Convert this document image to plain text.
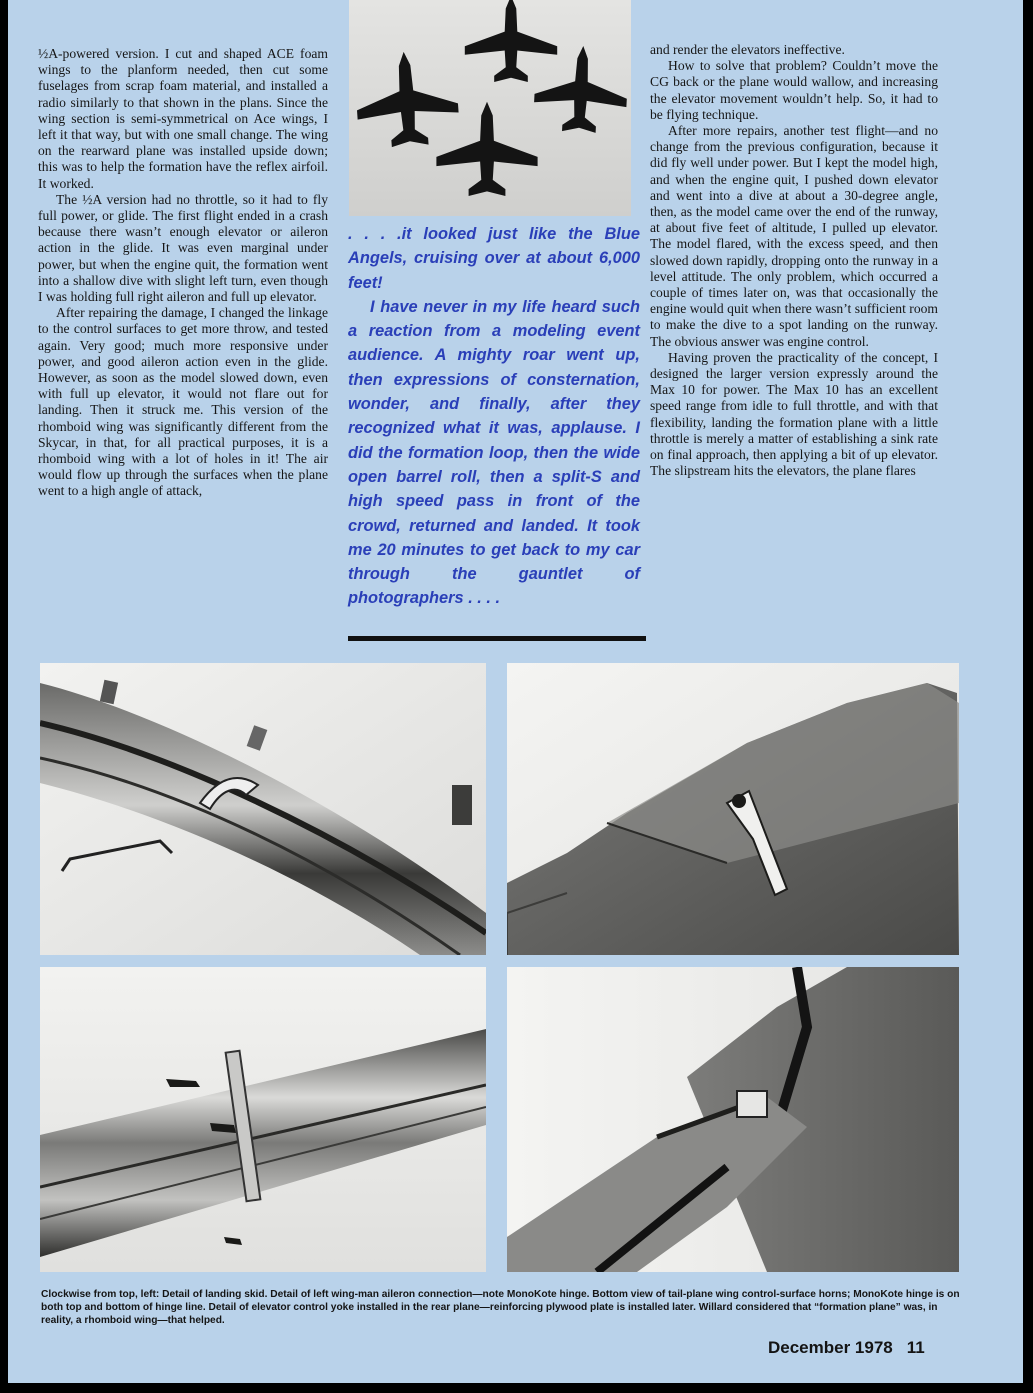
½A-powered version. I cut and shaped ACE foam wings to the planform needed, then cut some fuselages from scrap foam material, and installed a radio similarly to that shown in the plans. Since the wing section is semi-symmetrical on Ace wings, I left it that way, but with one small change. The wing on the rearward plane was installed upside down; this was to help the formation have the reflex airfoil. It worked.

The ½A version had no throttle, so it had to fly full power, or glide. The first flight ended in a crash because there wasn’t enough elevator or aileron action in the glide. It was even marginal under power, but when the engine quit, the formation went into a shallow dive with slight left turn, even though I was holding full right aileron and full up elevator.

After repairing the damage, I changed the linkage to the control surfaces to get more throw, and tested again. Very good; much more responsive under power, and good aileron action even in the glide. However, as soon as the model slowed down, even with full up elevator, it would not flare out for landing. Then it struck me. This version of the rhomboid wing was significantly different from the Skycar, in that, for all practical purposes, it is a rhomboid wing with a lot of holes in it! The air would flow up through the surfaces when the plane went to a high angle of attack,

. . . .it looked just like the Blue Angels, cruising over at about 6,000 feet!

I have never in my life heard such a reaction from a modeling event audience. A mighty roar went up, then expressions of consternation, wonder, and finally, after they recognized what it was, applause. I did the formation loop, then the wide open barrel roll, then a split-S and high speed pass in front of the crowd, returned and landed. It took me 20 minutes to get back to my car through the gauntlet of photographers . . . .

and render the elevators ineffective.

How to solve that problem? Couldn’t move the CG back or the plane would wallow, and increasing the elevator movement wouldn’t help. So, it had to be flying technique.

After more repairs, another test flight—and no change from the previous configuration, because it did fly well under power. But I kept the model high, and when the engine quit, I pushed down elevator and went into a dive at about a 30-degree angle, then, as the model came over the end of the runway, at about five feet of altitude, I pulled up elevator. The model flared, with the excess speed, and then slowed down rapidly, dropping onto the runway in a level attitude. The only problem, which occurred a couple of times later on, was that occasionally the engine would quit when there wasn’t sufficient room to make the dive to a spot landing on the runway. The obvious answer was engine control.

Having proven the practicality of the concept, I designed the larger version expressly around the Max 10 for power. The Max 10 has an excellent speed range from idle to full throttle, and with that flexibility, landing the formation plane with a little throttle is merely a matter of establishing a sink rate on final approach, then applying a bit of up elevator. The slipstream hits the elevators, the plane flares

Clockwise from top, left: Detail of landing skid. Detail of left wing-man aileron connection—note MonoKote hinge. Bottom view of tail-plane wing control-surface horns; MonoKote hinge is on both top and bottom of hinge line. Detail of elevator control yoke installed in the rear plane—reinforcing plywood plate is installed later. Willard considered that “formation plane” was, in reality, a rhomboid wing—that helped.
December 1978 11
